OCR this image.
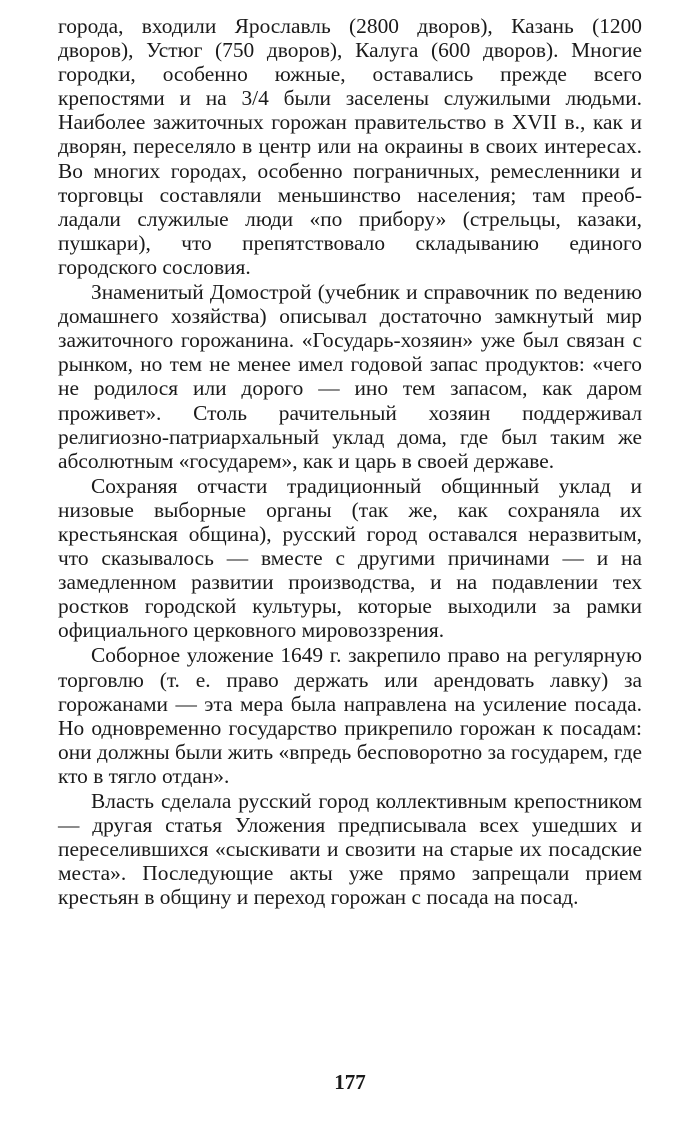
города, входили Ярославль (2800 дворов), Казань (1200 дворов), Устюг (750 дворов), Калуга (600 дворов). Многие городки, особенно южные, оставались прежде всего крепостями и на 3/4 были заселены служилыми людьми. Наиболее зажиточных горожан правительство в XVII в., как и дворян, переселяло в центр или на окраины в своих интересах. Во многих городах, особенно пограничных, ремесленники и торговцы составляли меньшинство населения; там преобладали служилые люди «по прибору» (стрельцы, казаки, пушкари), что препятствовало складыванию единого городского сословия.

Знаменитый Домострой (учебник и справочник по ведению домашнего хозяйства) описывал достаточно замкнутый мир зажиточного горожанина. «Государь-хозяин» уже был связан с рынком, но тем не менее имел годовой запас продуктов: «чего не родилося или дорого — ино тем запасом, как даром проживет». Столь рачительный хозяин поддерживал религиозно-патриархальный уклад дома, где был таким же абсолютным «государем», как и царь в своей державе.

Сохраняя отчасти традиционный общинный уклад и низовые выборные органы (так же, как сохраняла их крестьянская община), русский город оставался неразвитым, что сказывалось — вместе с другими причинами — и на замедленном развитии производства, и на подавлении тех ростков городской культуры, которые выходили за рамки официального церковного мировоззрения.

Соборное уложение 1649 г. закрепило право на регулярную торговлю (т. е. право держать или арендовать лавку) за горожанами — эта мера была направлена на усиление посада. Но одновременно государство прикрепило горожан к посадам: они должны были жить «впредь бесповоротно за государем, где кто в тягло отдан».

Власть сделала русский город коллективным крепостником — другая статья Уложения предписывала всех ушедших и переселившихся «сыскивати и свозити на старые их посадские места». Последующие акты уже прямо запрещали прием крестьян в общину и переход горожан с посада на посад.

177
